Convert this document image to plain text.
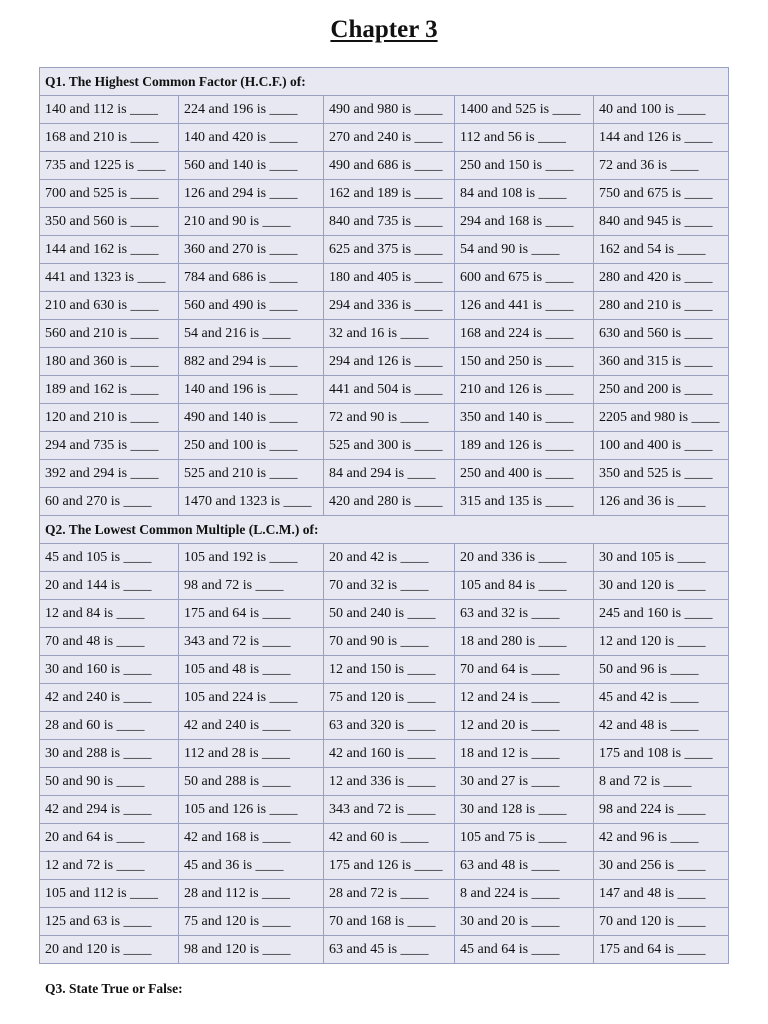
Chapter 3
Q1. The Highest Common Factor (H.C.F.) of:				
140 and 112 is ____	224 and 196 is ____	490 and 980 is ____	1400 and 525 is ____	40 and 100 is ____
168 and 210 is ____	140 and 420 is ____	270 and 240 is ____	112 and 56 is ____	144 and 126 is ____
735 and 1225 is ____	560 and 140 is ____	490 and 686 is ____	250 and 150 is ____	72 and 36 is ____
700 and 525 is ____	126 and 294 is ____	162 and 189 is ____	84 and 108 is ____	750 and 675 is ____
350 and 560 is ____	210 and 90 is ____	840 and 735 is ____	294 and 168 is ____	840 and 945 is ____
144 and 162 is ____	360 and 270 is ____	625 and 375 is ____	54 and 90 is ____	162 and 54 is ____
441 and 1323 is ____	784 and 686 is ____	180 and 405 is ____	600 and 675 is ____	280 and 420 is ____
210 and 630 is ____	560 and 490 is ____	294 and 336 is ____	126 and 441 is ____	280 and 210 is ____
560 and 210 is ____	54 and 216 is ____	32 and 16 is ____	168 and 224 is ____	630 and 560 is ____
180 and 360 is ____	882 and 294 is ____	294 and 126 is ____	150 and 250 is ____	360 and 315 is ____
189 and 162 is ____	140 and 196 is ____	441 and 504 is ____	210 and 126 is ____	250 and 200 is ____
120 and 210 is ____	490 and 140 is ____	72 and 90 is ____	350 and 140 is ____	2205 and 980 is ____
294 and 735 is ____	250 and 100 is ____	525 and 300 is ____	189 and 126 is ____	100 and 400 is ____
392 and 294 is ____	525 and 210 is ____	84 and 294 is ____	250 and 400 is ____	350 and 525 is ____
60 and 270 is ____	1470 and 1323 is ____	420 and 280 is ____	315 and 135 is ____	126 and 36 is ____
Q2. The Lowest Common Multiple (L.C.M.) of:				
45 and 105 is ____	105 and 192 is ____	20 and 42 is ____	20 and 336 is ____	30 and 105 is ____
20 and 144 is ____	98 and 72 is ____	70 and 32 is ____	105 and 84 is ____	30 and 120 is ____
12 and 84 is ____	175 and 64 is ____	50 and 240 is ____	63 and 32 is ____	245 and 160 is ____
70 and 48 is ____	343 and 72 is ____	70 and 90 is ____	18 and 280 is ____	12 and 120 is ____
30 and 160 is ____	105 and 48 is ____	12 and 150 is ____	70 and 64 is ____	50 and 96 is ____
42 and 240 is ____	105 and 224 is ____	75 and 120 is ____	12 and 24 is ____	45 and 42 is ____
28 and 60 is ____	42 and 240 is ____	63 and 320 is ____	12 and 20 is ____	42 and 48 is ____
30 and 288 is ____	112 and 28 is ____	42 and 160 is ____	18 and 12 is ____	175 and 108 is ____
50 and 90 is ____	50 and 288 is ____	12 and 336 is ____	30 and 27 is ____	8 and 72 is ____
42 and 294 is ____	105 and 126 is ____	343 and 72 is ____	30 and 128 is ____	98 and 224 is ____
20 and 64 is ____	42 and 168 is ____	42 and 60 is ____	105 and 75 is ____	42 and 96 is ____
12 and 72 is ____	45 and 36 is ____	175 and 126 is ____	63 and 48 is ____	30 and 256 is ____
105 and 112 is ____	28 and 112 is ____	28 and 72 is ____	8 and 224 is ____	147 and 48 is ____
125 and 63 is ____	75 and 120 is ____	70 and 168 is ____	30 and 20 is ____	70 and 120 is ____
20 and 120 is ____	98 and 120 is ____	63 and 45 is ____	45 and 64 is ____	175 and 64 is ____
Q3. State True or False:
